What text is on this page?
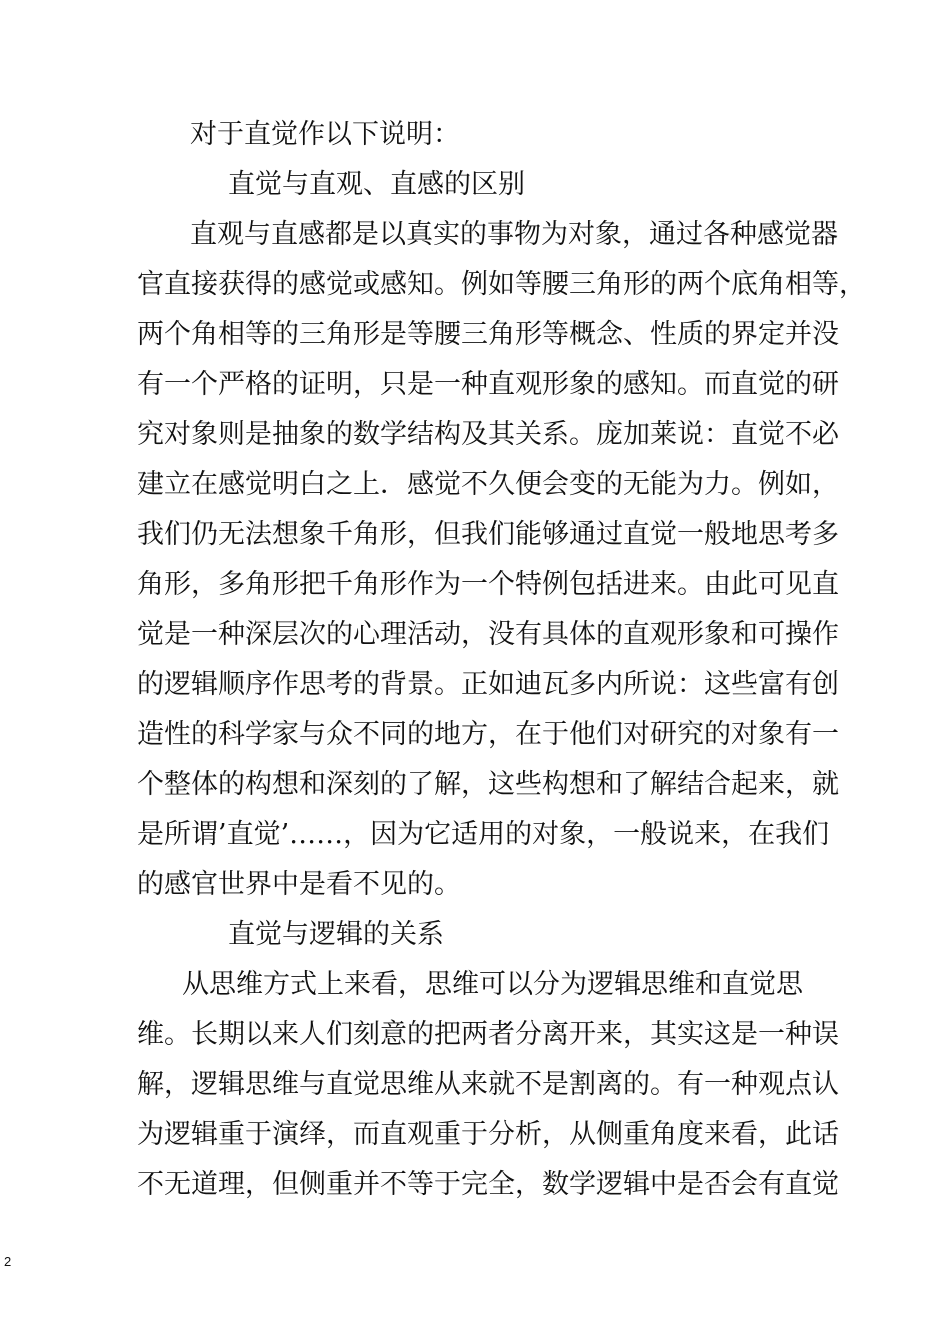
对于直觉作以下说明：
直觉与直观、直感的区别
直观与直感都是以真实的事物为对象，通过各种感觉器
官直接获得的感觉或感知。例如等腰三角形的两个底角相等，
两个角相等的三角形是等腰三角形等概念、性质的界定并没
有一个严格的证明，只是一种直观形象的感知。而直觉的研
究对象则是抽象的数学结构及其关系。庞加莱说：直觉不必
建立在感觉明白之上．感觉不久便会变的无能为力。例如，
我们仍无法想象千角形，但我们能够通过直觉一般地思考多
角形，多角形把千角形作为一个特例包括进来。由此可见直
觉是一种深层次的心理活动，没有具体的直观形象和可操作
的逻辑顺序作思考的背景。正如迪瓦多内所说：这些富有创
造性的科学家与众不同的地方，在于他们对研究的对象有一
个整体的构想和深刻的了解，这些构想和了解结合起来，就
是所谓’直觉’……，因为它适用的对象，一般说来，在我们
的感官世界中是看不见的。
直觉与逻辑的关系
从思维方式上来看，思维可以分为逻辑思维和直觉思
维。长期以来人们刻意的把两者分离开来，其实这是一种误
解，逻辑思维与直觉思维从来就不是割离的。有一种观点认
为逻辑重于演绎，而直观重于分析，从侧重角度来看，此话
不无道理，但侧重并不等于完全，数学逻辑中是否会有直觉
2
